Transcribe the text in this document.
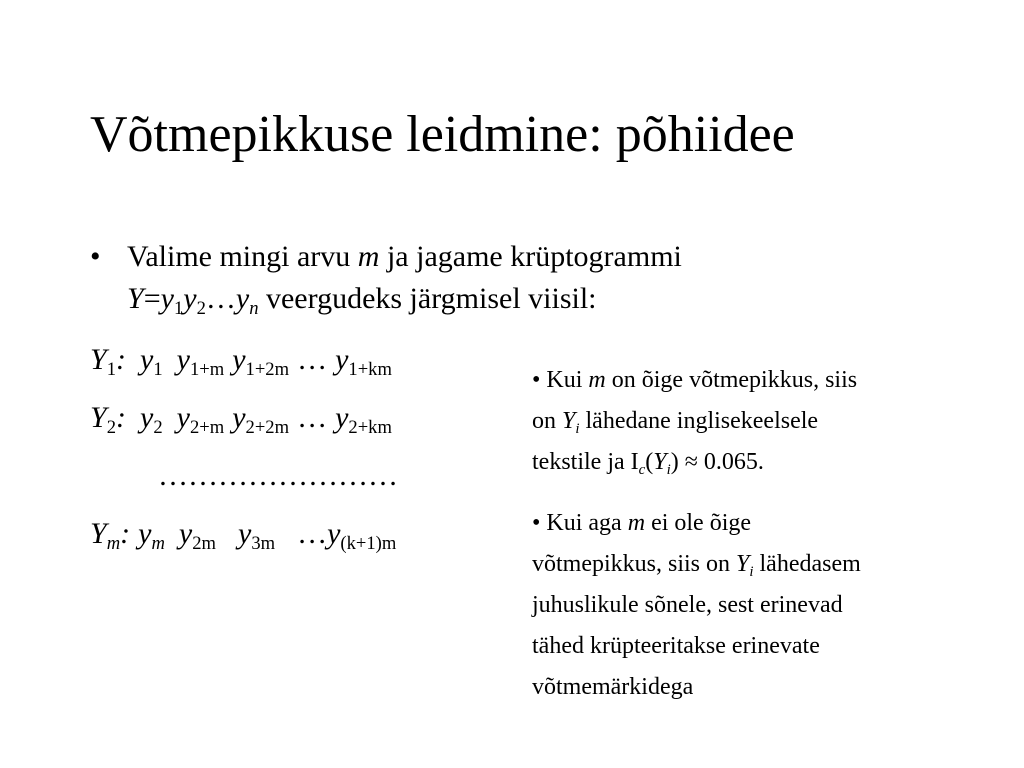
Võtmepikkuse leidmine: põhiidee
• Valime mingi arvu m ja jagame krüptogrammi
$Y=y_1y_2\dots y_n$ veergudeks järgmisel viisil:
$Y_1$: $y_1$ $y_{1+m}$ $y_{1+2m}$ … $y_{1+km}$
$Y_2$: $y_2$ $y_{2+m}$ $y_{2+2m}$ … $y_{2+km}$
……………………
$Y_m$: $y_m$ $y_{2m}$ $y_{3m}$ $\dots y_{(k+1)m}$
• Kui m on õige võtmepikkus, siis
on $Y_i$ lähedane inglisekeelsele
tekstile ja $I_c(Y_i) \approx 0.065$.
• Kui aga m ei ole õige
võtmepikkus, siis on $Y_i$ lähedasem
juhuslikule sõnele, sest erinevad
tähed krüpteeritakse erinevate
võtmemärkidega
